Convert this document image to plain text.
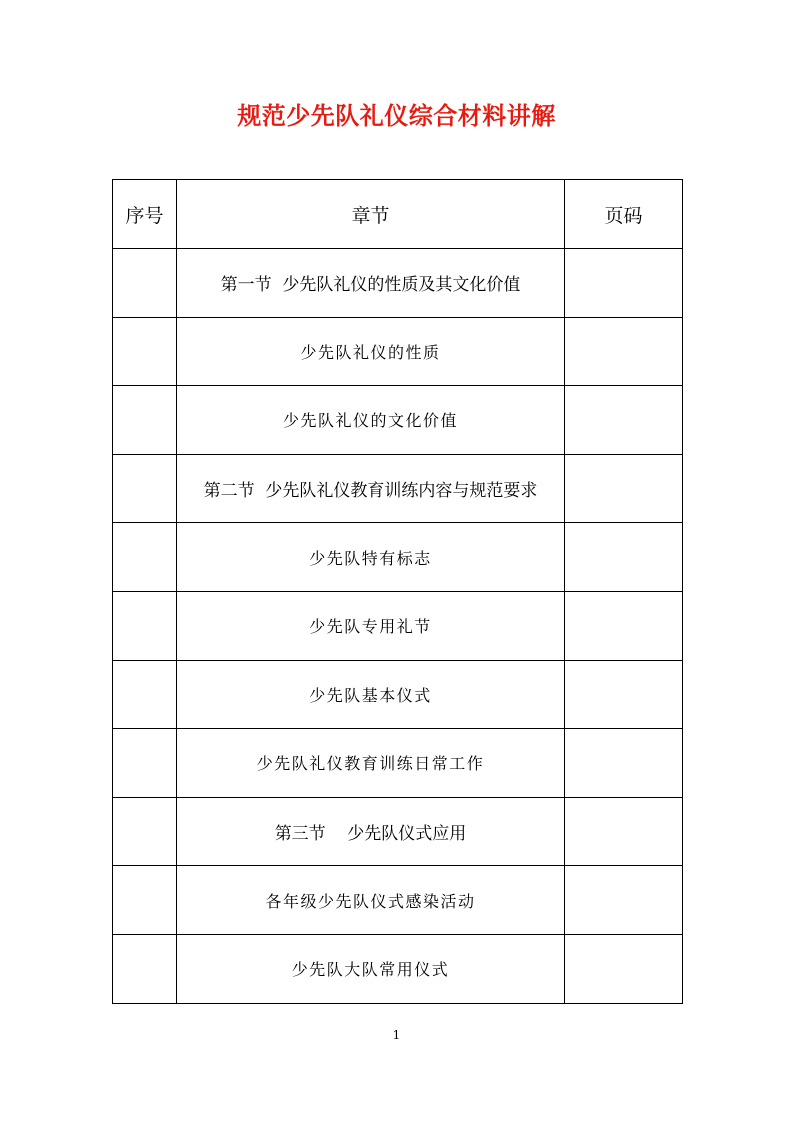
规范少先队礼仪综合材料讲解
序号	章节	页码
	第一节  少先队礼仪的性质及其文化价值	
	少先队礼仪的性质	
	少先队礼仪的文化价值	
	第二节  少先队礼仪教育训练内容与规范要求	
	少先队特有标志	
	少先队专用礼节	
	少先队基本仪式	
	少先队礼仪教育训练日常工作	
	第三节    少先队仪式应用	
	各年级少先队仪式感染活动	
	少先队大队常用仪式	
1
